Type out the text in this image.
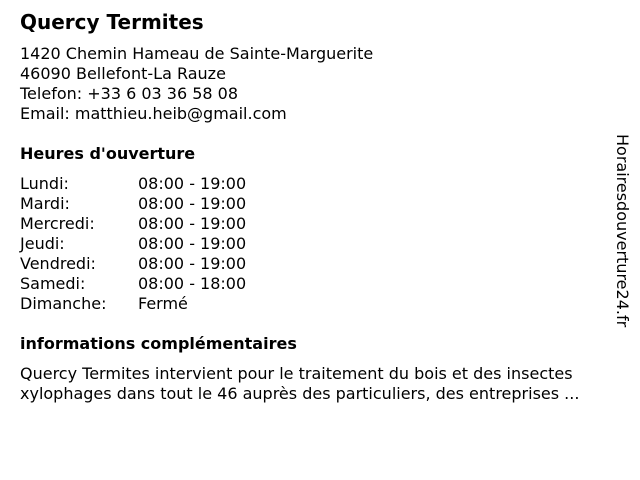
Quercy Termites
1420 Chemin Hameau de Sainte-Marguerite
46090 Bellefont-La Rauze
Telefon: +33 6 03 36 58 08
Email: matthieu.heib@gmail.com
Heures d'ouverture
Lundi:	08:00 - 19:00
Mardi:	08:00 - 19:00
Mercredi:	08:00 - 19:00
Jeudi:	08:00 - 19:00
Vendredi:	08:00 - 19:00
Samedi:	08:00 - 18:00
Dimanche: Fermé
informations complémentaires
Quercy Termites intervient pour le traitement du bois et des insectes
xylophages dans tout le 46 auprès des particuliers, des entreprises ...
Horairesdouverture24.fr
